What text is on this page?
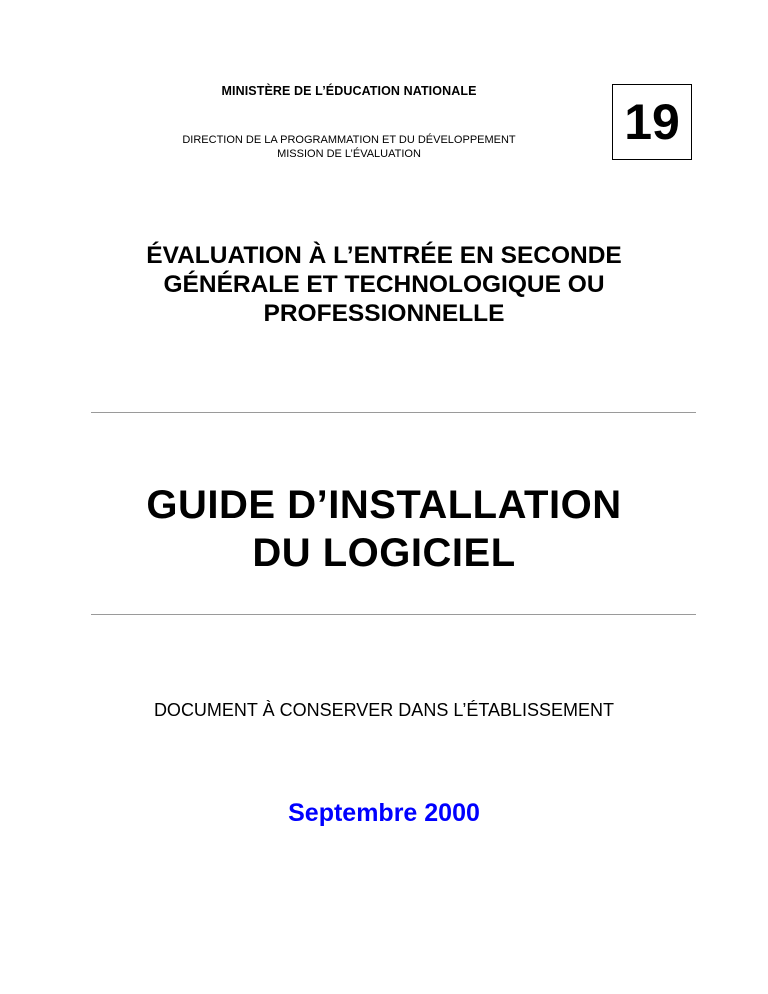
MINISTÈRE DE L’ÉDUCATION NATIONALE
DIRECTION DE LA PROGRAMMATION ET DU DÉVELOPPEMENT
MISSION DE L’ÉVALUATION
19
ÉVALUATION À L’ENTRÉE EN SECONDE
GÉNÉRALE ET TECHNOLOGIQUE OU
PROFESSIONNELLE
GUIDE D’INSTALLATION
DU LOGICIEL
DOCUMENT À CONSERVER DANS L’ÉTABLISSEMENT
Septembre 2000
